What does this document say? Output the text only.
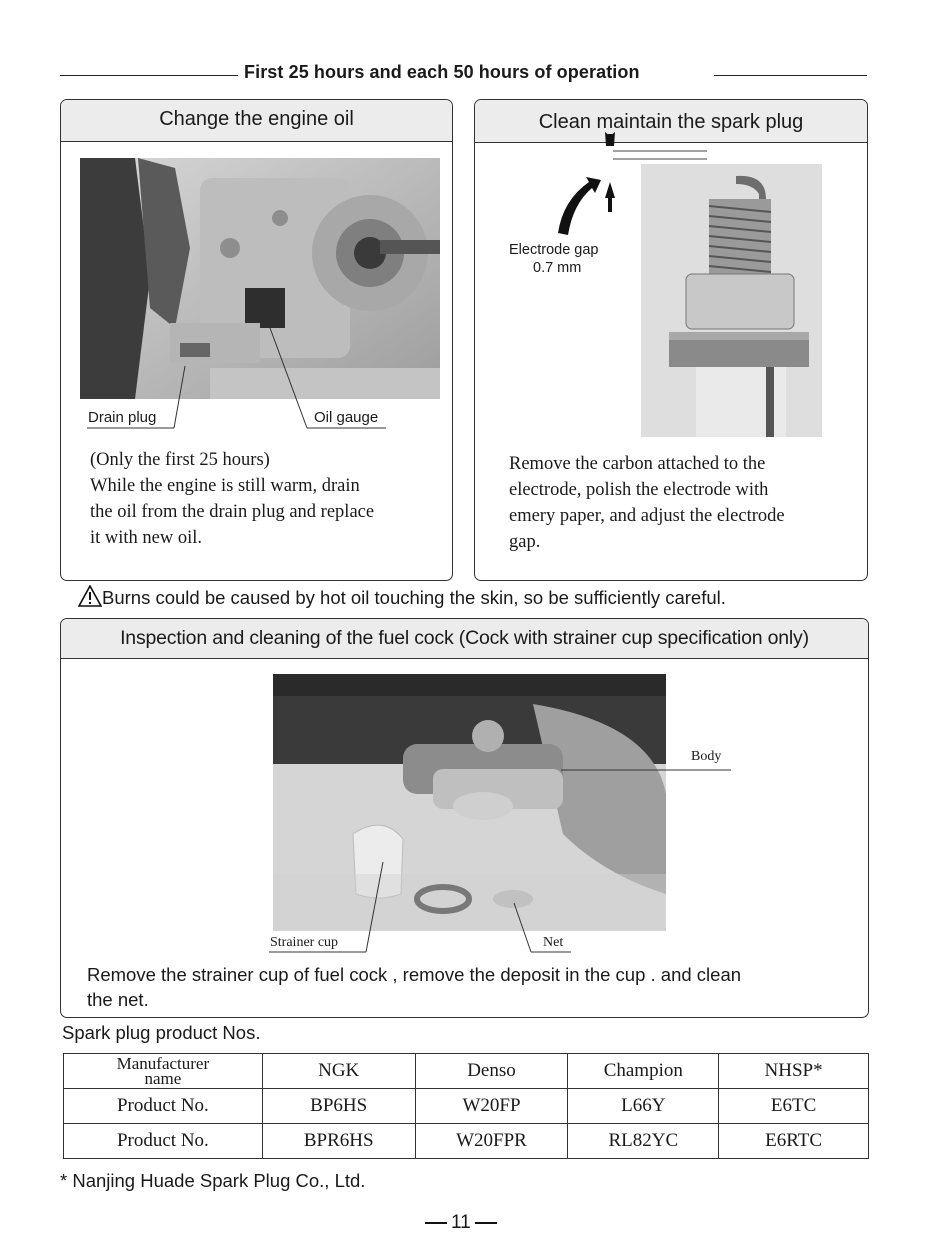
First 25 hours and each 50 hours of operation
Change the engine oil
Drain plug	Oil gauge
(Only the first 25 hours)
While the engine is still warm, drain
the oil from the drain plug and replace
it with new oil.
Clean maintain the spark plug
Electrode gap
0.7 mm
Remove the carbon attached to the
electrode, polish the electrode with
emery paper, and adjust the electrode
gap.
Burns could be caused by hot oil touching the skin, so be sufficiently careful.
Inspection and cleaning of the fuel cock (Cock with strainer cup specification only)
Body
Strainer cup	Net
Remove the strainer cup of fuel cock , remove the deposit in the cup . and clean
the net.
Spark plug product Nos.
Manufacturer name	NGK	Denso	Champion	NHSP*
Product No.	BP6HS	W20FP	L66Y	E6TC
Product No.	BPR6HS	W20FPR	RL82YC	E6RTC
* Nanjing Huade Spark Plug Co., Ltd.
11
